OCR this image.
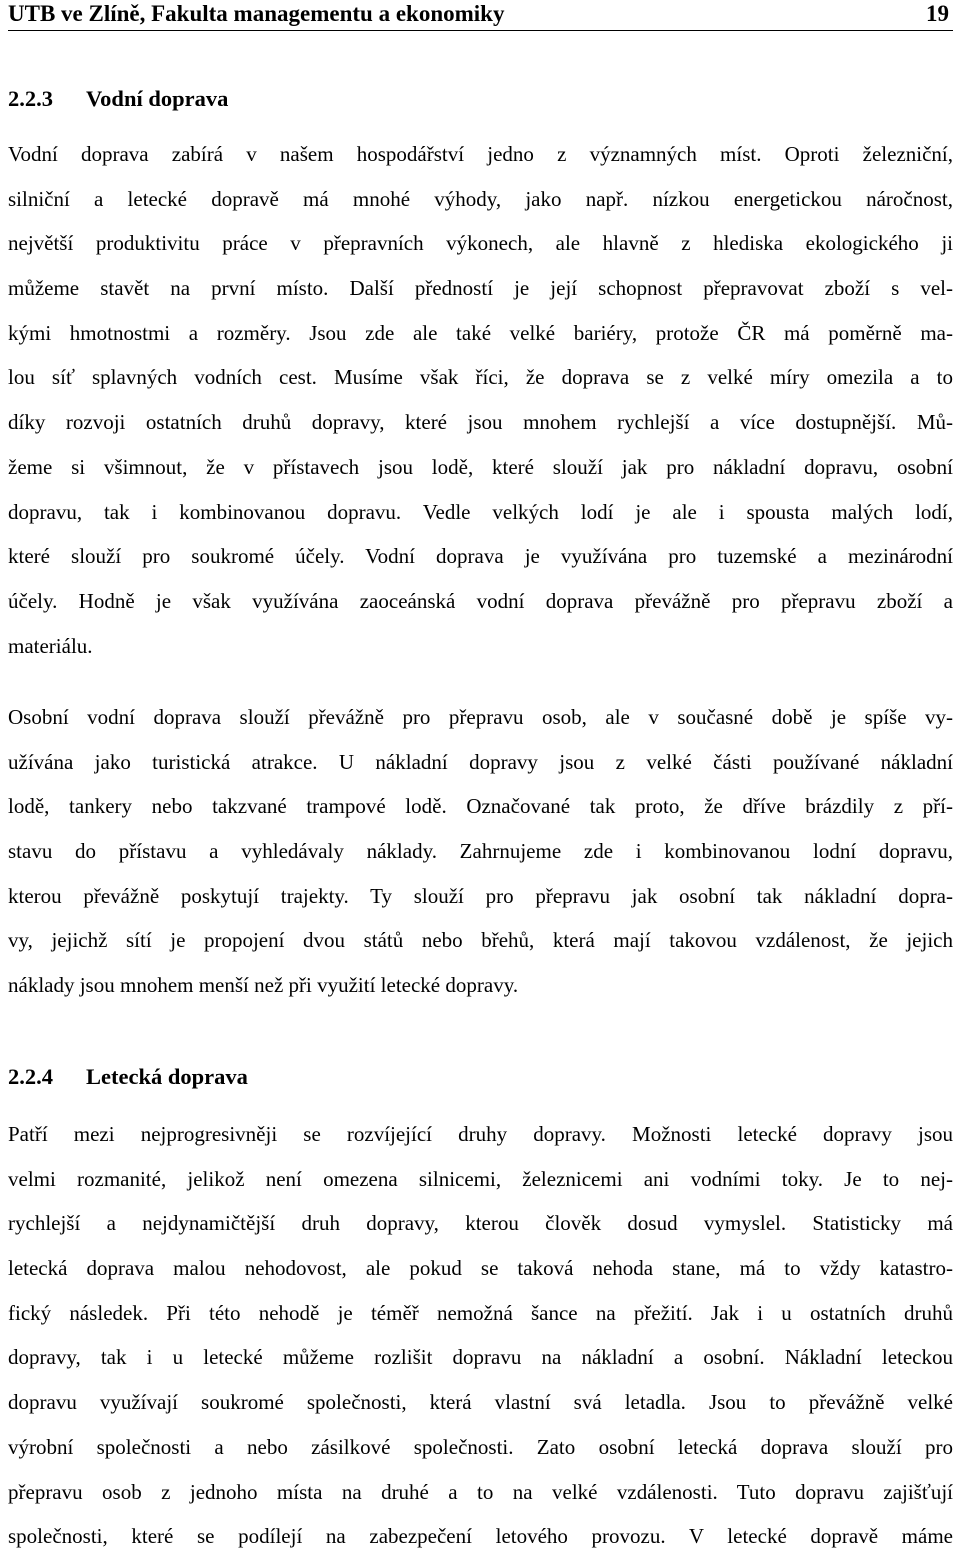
UTB ve Zlíně, Fakulta managementu a ekonomiky	19
2.2.3 Vodní doprava
Vodní doprava zabírá v našem hospodářství jedno z významných míst. Oproti železniční,
silniční a letecké dopravě má mnohé výhody, jako např. nízkou energetickou náročnost,
největší produktivitu práce v přepravních výkonech, ale hlavně z hlediska ekologického ji
můžeme stavět na první místo. Další předností je její schopnost přepravovat zboží s vel-
kými hmotnostmi a rozměry. Jsou zde ale také velké bariéry, protože ČR má poměrně ma-
lou síť splavných vodních cest. Musíme však říci, že doprava se z velké míry omezila a to
díky rozvoji ostatních druhů dopravy, které jsou mnohem rychlejší a více dostupnější. Mů-
žeme si všimnout, že v přístavech jsou lodě, které slouží jak pro nákladní dopravu, osobní
dopravu, tak i kombinovanou dopravu. Vedle velkých lodí je ale i spousta malých lodí,
které slouží pro soukromé účely. Vodní doprava je využívána pro tuzemské a mezinárodní
účely. Hodně je však využívána zaoceánská vodní doprava převážně pro přepravu zboží a
materiálu.
Osobní vodní doprava slouží převážně pro přepravu osob, ale v současné době je spíše vy-
užívána jako turistická atrakce. U nákladní dopravy jsou z velké části používané nákladní
lodě, tankery nebo takzvané trampové lodě. Označované tak proto, že dříve brázdily z pří-
stavu do přístavu a vyhledávaly náklady. Zahrnujeme zde i kombinovanou lodní dopravu,
kterou převážně poskytují trajekty. Ty slouží pro přepravu jak osobní tak nákladní dopra-
vy, jejichž sítí je propojení dvou států nebo břehů, která mají takovou vzdálenost, že jejich
náklady jsou mnohem menší než při využití letecké dopravy.
2.2.4 Letecká doprava
Patří mezi nejprogresivněji se rozvíjející druhy dopravy. Možnosti letecké dopravy jsou
velmi rozmanité, jelikož není omezena silnicemi, železnicemi ani vodními toky. Je to nej-
rychlejší a nejdynamičtější druh dopravy, kterou člověk dosud vymyslel. Statisticky má
letecká doprava malou nehodovost, ale pokud se taková nehoda stane, má to vždy katastro-
fický následek. Při této nehodě je téměř nemožná šance na přežití. Jak i u ostatních druhů
dopravy, tak i u letecké můžeme rozlišit dopravu na nákladní a osobní. Nákladní leteckou
dopravu využívají soukromé společnosti, která vlastní svá letadla. Jsou to převážně velké
výrobní společnosti a nebo zásilkové společnosti. Zato osobní letecká doprava slouží pro
přepravu osob z jednoho místa na druhé a to na velké vzdálenosti. Tuto dopravu zajišťují
společnosti, které se podílejí na zabezpečení letového provozu. V letecké dopravě máme
